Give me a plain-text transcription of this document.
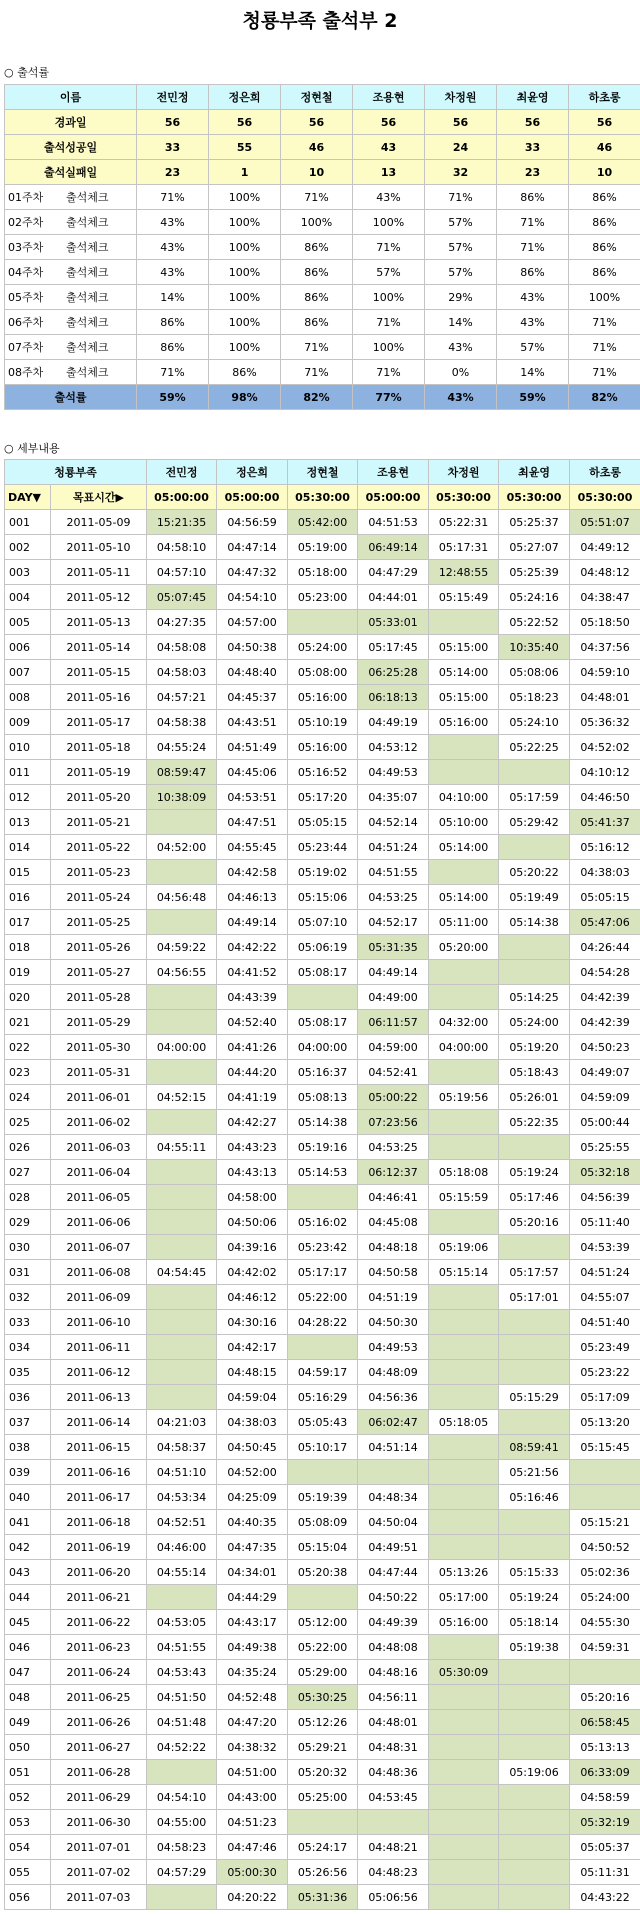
청룡부족 출석부 2
○ 출석률
이름	전민정	정은희	정현철	조용현	차정원	최윤영	하초롱
경과일	56	56	56	56	56	56	56
출석성공일	33	55	46	43	24	33	46
출석실패일	23	1	10	13	32	23	10
01주차 출석체크	71%	100%	71%	43%	71%	86%	86%
02주차 출석체크	43%	100%	100%	100%	57%	71%	86%
03주차 출석체크	43%	100%	86%	71%	57%	71%	86%
04주차 출석체크	43%	100%	86%	57%	57%	86%	86%
05주차 출석체크	14%	100%	86%	100%	29%	43%	100%
06주차 출석체크	86%	100%	86%	71%	14%	43%	71%
07주차 출석체크	86%	100%	71%	100%	43%	57%	71%
08주차 출석체크	71%	86%	71%	71%	0%	14%	71%
출석률	59%	98%	82%	77%	43%	59%	82%
○ 세부내용
청룡부족		전민정	정은희	정현철	조용현	차정원	최윤영	하초롱
DAY▼	목표시간▶	05:00:00	05:00:00	05:30:00	05:00:00	05:30:00	05:30:00	05:30:00
001	2011-05-09	15:21:35	04:56:59	05:42:00	04:51:53	05:22:31	05:25:37	05:51:07
002	2011-05-10	04:58:10	04:47:14	05:19:00	06:49:14	05:17:31	05:27:07	04:49:12
003	2011-05-11	04:57:10	04:47:32	05:18:00	04:47:29	12:48:55	05:25:39	04:48:12
004	2011-05-12	05:07:45	04:54:10	05:23:00	04:44:01	05:15:49	05:24:16	04:38:47
005	2011-05-13	04:27:35	04:57:00		05:33:01		05:22:52	05:18:50
006	2011-05-14	04:58:08	04:50:38	05:24:00	05:17:45	05:15:00	10:35:40	04:37:56
007	2011-05-15	04:58:03	04:48:40	05:08:00	06:25:28	05:14:00	05:08:06	04:59:10
008	2011-05-16	04:57:21	04:45:37	05:16:00	06:18:13	05:15:00	05:18:23	04:48:01
009	2011-05-17	04:58:38	04:43:51	05:10:19	04:49:19	05:16:00	05:24:10	05:36:32
010	2011-05-18	04:55:24	04:51:49	05:16:00	04:53:12		05:22:25	04:52:02
011	2011-05-19	08:59:47	04:45:06	05:16:52	04:49:53			04:10:12
012	2011-05-20	10:38:09	04:53:51	05:17:20	04:35:07	04:10:00	05:17:59	04:46:50
013	2011-05-21		04:47:51	05:05:15	04:52:14	05:10:00	05:29:42	05:41:37
014	2011-05-22	04:52:00	04:55:45	05:23:44	04:51:24	05:14:00		05:16:12
015	2011-05-23		04:42:58	05:19:02	04:51:55		05:20:22	04:38:03
016	2011-05-24	04:56:48	04:46:13	05:15:06	04:53:25	05:14:00	05:19:49	05:05:15
017	2011-05-25		04:49:14	05:07:10	04:52:17	05:11:00	05:14:38	05:47:06
018	2011-05-26	04:59:22	04:42:22	05:06:19	05:31:35	05:20:00		04:26:44
019	2011-05-27	04:56:55	04:41:52	05:08:17	04:49:14			04:54:28
020	2011-05-28		04:43:39		04:49:00		05:14:25	04:42:39
021	2011-05-29		04:52:40	05:08:17	06:11:57	04:32:00	05:24:00	04:42:39
022	2011-05-30	04:00:00	04:41:26	04:00:00	04:59:00	04:00:00	05:19:20	04:50:23
023	2011-05-31		04:44:20	05:16:37	04:52:41		05:18:43	04:49:07
024	2011-06-01	04:52:15	04:41:19	05:08:13	05:00:22	05:19:56	05:26:01	04:59:09
025	2011-06-02		04:42:27	05:14:38	07:23:56		05:22:35	05:00:44
026	2011-06-03	04:55:11	04:43:23	05:19:16	04:53:25			05:25:55
027	2011-06-04		04:43:13	05:14:53	06:12:37	05:18:08	05:19:24	05:32:18
028	2011-06-05		04:58:00		04:46:41	05:15:59	05:17:46	04:56:39
029	2011-06-06		04:50:06	05:16:02	04:45:08		05:20:16	05:11:40
030	2011-06-07		04:39:16	05:23:42	04:48:18	05:19:06		04:53:39
031	2011-06-08	04:54:45	04:42:02	05:17:17	04:50:58	05:15:14	05:17:57	04:51:24
032	2011-06-09		04:46:12	05:22:00	04:51:19		05:17:01	04:55:07
033	2011-06-10		04:30:16	04:28:22	04:50:30			04:51:40
034	2011-06-11		04:42:17		04:49:53			05:23:49
035	2011-06-12		04:48:15	04:59:17	04:48:09			05:23:22
036	2011-06-13		04:59:04	05:16:29	04:56:36		05:15:29	05:17:09
037	2011-06-14	04:21:03	04:38:03	05:05:43	06:02:47	05:18:05		05:13:20
038	2011-06-15	04:58:37	04:50:45	05:10:17	04:51:14		08:59:41	05:15:45
039	2011-06-16	04:51:10	04:52:00				05:21:56	
040	2011-06-17	04:53:34	04:25:09	05:19:39	04:48:34		05:16:46	
041	2011-06-18	04:52:51	04:40:35	05:08:09	04:50:04			05:15:21
042	2011-06-19	04:46:00	04:47:35	05:15:04	04:49:51			04:50:52
043	2011-06-20	04:55:14	04:34:01	05:20:38	04:47:44	05:13:26	05:15:33	05:02:36
044	2011-06-21		04:44:29		04:50:22	05:17:00	05:19:24	05:24:00
045	2011-06-22	04:53:05	04:43:17	05:12:00	04:49:39	05:16:00	05:18:14	04:55:30
046	2011-06-23	04:51:55	04:49:38	05:22:00	04:48:08		05:19:38	04:59:31
047	2011-06-24	04:53:43	04:35:24	05:29:00	04:48:16	05:30:09		
048	2011-06-25	04:51:50	04:52:48	05:30:25	04:56:11			05:20:16
049	2011-06-26	04:51:48	04:47:20	05:12:26	04:48:01			06:58:45
050	2011-06-27	04:52:22	04:38:32	05:29:21	04:48:31			05:13:13
051	2011-06-28		04:51:00	05:20:32	04:48:36		05:19:06	06:33:09
052	2011-06-29	04:54:10	04:43:00	05:25:00	04:53:45			04:58:59
053	2011-06-30	04:55:00	04:51:23					05:32:19
054	2011-07-01	04:58:23	04:47:46	05:24:17	04:48:21			05:05:37
055	2011-07-02	04:57:29	05:00:30	05:26:56	04:48:23			05:11:31
056	2011-07-03		04:20:22	05:31:36	05:06:56			04:43:22
